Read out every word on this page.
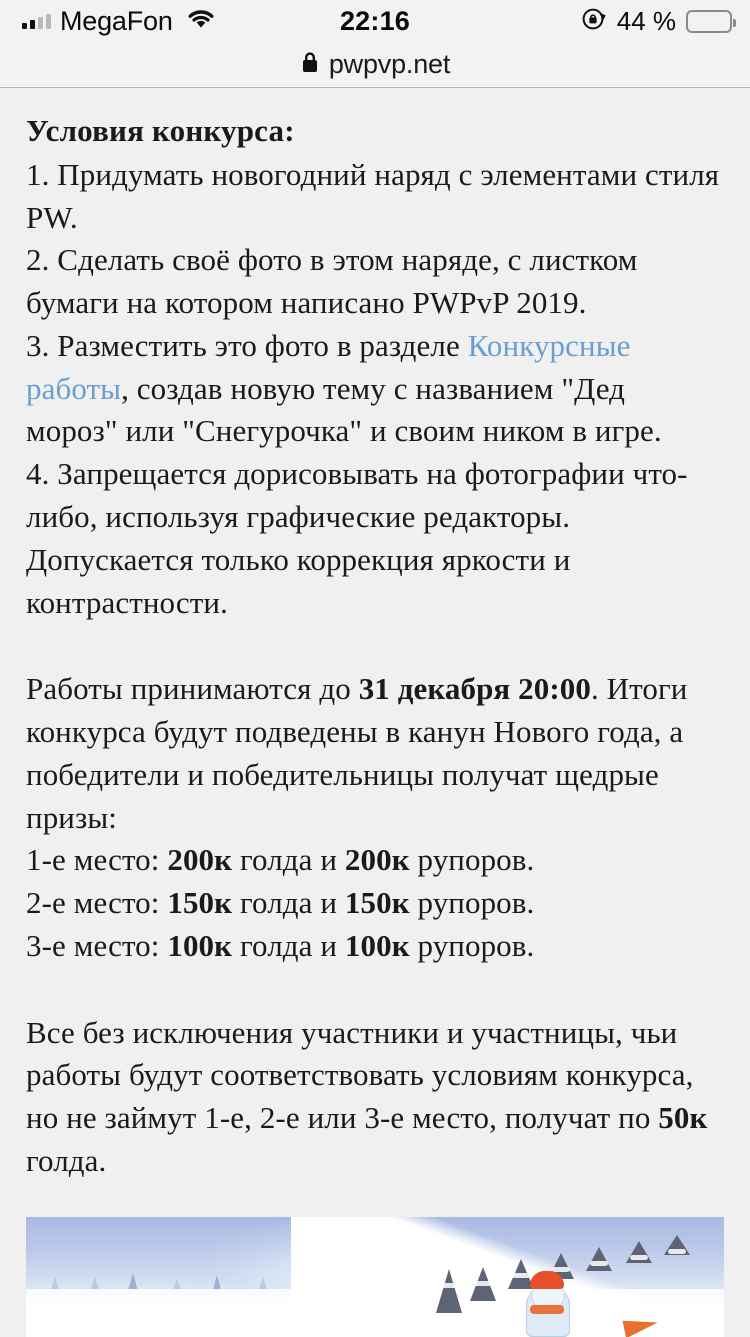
MegaFon	22:16	44 %
pwpvp.net
Условия конкурса:
1. Придумать новогодний наряд с элементами стиля PW.
2. Сделать своё фото в этом наряде, с листком бумаги на котором написано PWPvP 2019.
3. Разместить это фото в разделе Конкурсные работы, создав новую тему с названием "Дед мороз" или "Снегурочка" и своим ником в игре.
4. Запрещается дорисовывать на фотографии что-либо, используя графические редакторы. Допускается только коррекция яркости и контрастности.
Работы принимаются до 31 декабря 20:00. Итоги конкурса будут подведены в канун Нового года, а победители и победительницы получат щедрые призы:
1-е место: 200к голда и 200к рупоров.
2-е место: 150к голда и 150к рупоров.
3-е место: 100к голда и 100к рупоров.
Все без исключения участники и участницы, чьи работы будут соответствовать условиям конкурса, но не займут 1-е, 2-е или 3-е место, получат по 50к голда.
